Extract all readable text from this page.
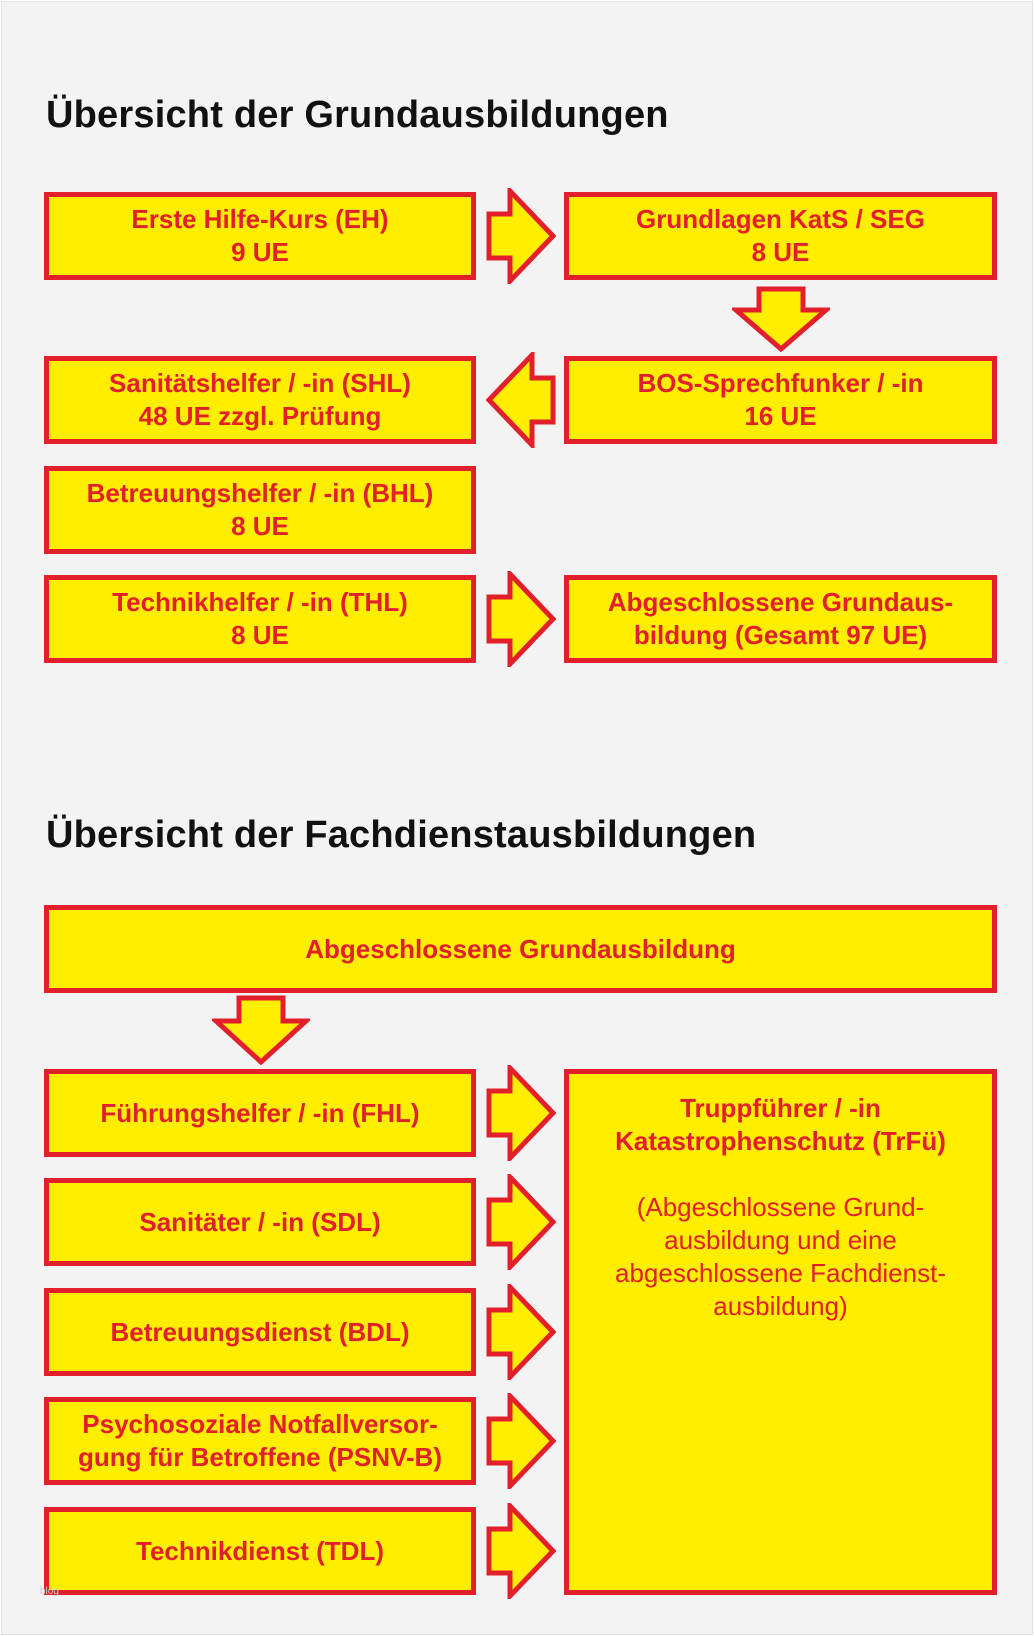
Übersicht der Grundausbildungen
Erste Hilfe-Kurs (EH)
9 UE
Grundlagen KatS / SEG
8 UE
Sanitätshelfer / -in (SHL)
48 UE zzgl. Prüfung
BOS-Sprechfunker / -in
16 UE
Betreuungshelfer / -in (BHL)
8 UE
Technikhelfer / -in (THL)
8 UE
Abgeschlossene Grundaus-
bildung (Gesamt 97 UE)
Übersicht der Fachdienstausbildungen
Abgeschlossene Grundausbildung
Führungshelfer / -in (FHL)
Sanitäter / -in (SDL)
Betreuungsdienst (BDL)
Psychosoziale Notfallversor-
gung für Betroffene (PSNV-B)
Technikdienst (TDL)
Truppführer / -in
Katastrophenschutz (TrFü)
(Abgeschlossene Grund-
ausbildung und eine
abgeschlossene Fachdienst-
ausbildung)
blog
